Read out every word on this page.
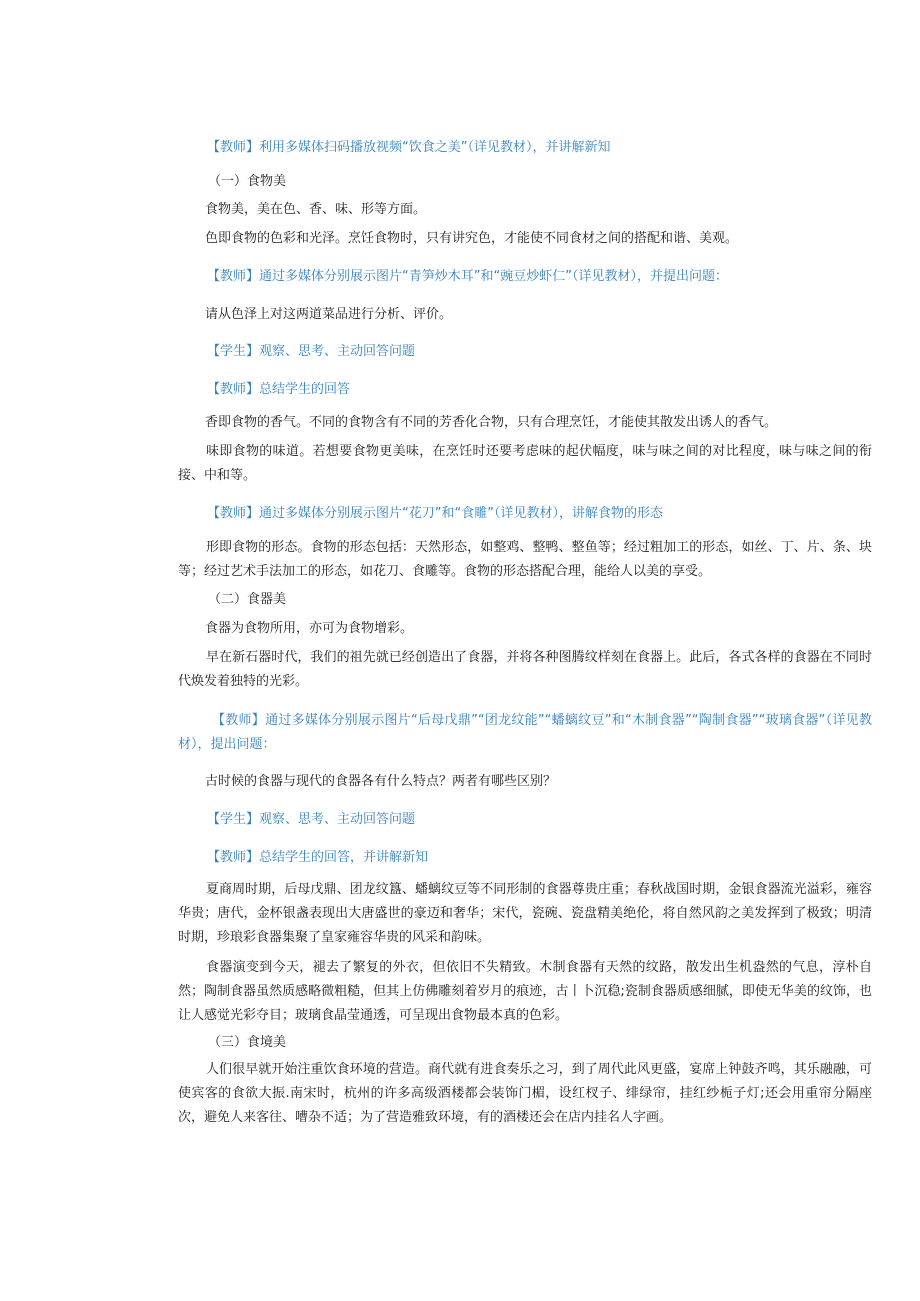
【教师】利用多媒体扫码播放视频“饮食之美”（详见教材），并讲解新知

（一）食物美

食物美，美在色、香、味、形等方面。

色即食物的色彩和光泽。烹饪食物时，只有讲究色，才能使不同食材之间的搭配和谐、美观。

【教师】通过多媒体分别展示图片“青笋炒木耳”和“豌豆炒虾仁”（详见教材），并提出问题：

请从色泽上对这两道菜品进行分析、评价。

【学生】观察、思考、主动回答问题

【教师】总结学生的回答

香即食物的香气。不同的食物含有不同的芳香化合物，只有合理烹饪，才能使其散发出诱人的香气。

味即食物的味道。若想要食物更美味，在烹饪时还要考虑味的起伏幅度，味与味之间的对比程度，味与味之间的衔接、中和等。

【教师】通过多媒体分别展示图片“花刀”和“食雕”（详见教材），讲解食物的形态

形即食物的形态。食物的形态包括：天然形态，如整鸡、整鸭、整鱼等；经过粗加工的形态，如丝、丁、片、条、块等；经过艺术手法加工的形态，如花刀、食雕等。食物的形态搭配合理，能给人以美的享受。

（二）食器美

食器为食物所用，亦可为食物增彩。

早在新石器时代，我们的祖先就已经创造出了食器，并将各种图腾纹样刻在食器上。此后，各式各样的食器在不同时代焕发着独特的光彩。

【教师】通过多媒体分别展示图片“后母戊鼎”“团龙纹能”“蟠螭纹豆”和“木制食器”“陶制食器”“玻璃食器”（详见教材），提出问题：

古时候的食器与现代的食器各有什么特点？两者有哪些区别？

【学生】观察、思考、主动回答问题

【教师】总结学生的回答，并讲解新知

夏商周时期，后母戊鼎、团龙纹簋、蟠螭纹豆等不同形制的食器尊贵庄重；春秋战国时期，金银食器流光溢彩，雍容华贵；唐代，金杯银盏表现出大唐盛世的豪迈和奢华；宋代，瓷碗、瓷盘精美绝伦，将自然风韵之美发挥到了极致；明清时期，珍琅彩食器集聚了皇家雍容华贵的风采和韵味。

食器演变到今天，褪去了繁复的外衣，但依旧不失精致。木制食器有天然的纹路，散发出生机盎然的气息，淳朴自然；陶制食器虽然质感略微粗糙，但其上仿佛雕刻着岁月的痕迹，古丨卜沉稳;瓷制食器质感细腻，即使无华美的纹饰，也让人感觉光彩夺目；玻璃食晶莹通透，可呈现出食物最本真的色彩。

（三）食境美

人们很早就开始注重饮食环境的营造。商代就有进食奏乐之习，到了周代此风更盛，宴席上钟鼓齐鸣，其乐融融，可使宾客的食欲大振.南宋时，杭州的许多高级酒楼都会装饰门楣，设红杈子、绯绿帘，挂红纱栀子灯;还会用重帘分隔座次，避免人来客往、嘈杂不适；为了营造雅致环境，有的酒楼还会在店内挂名人字画。
